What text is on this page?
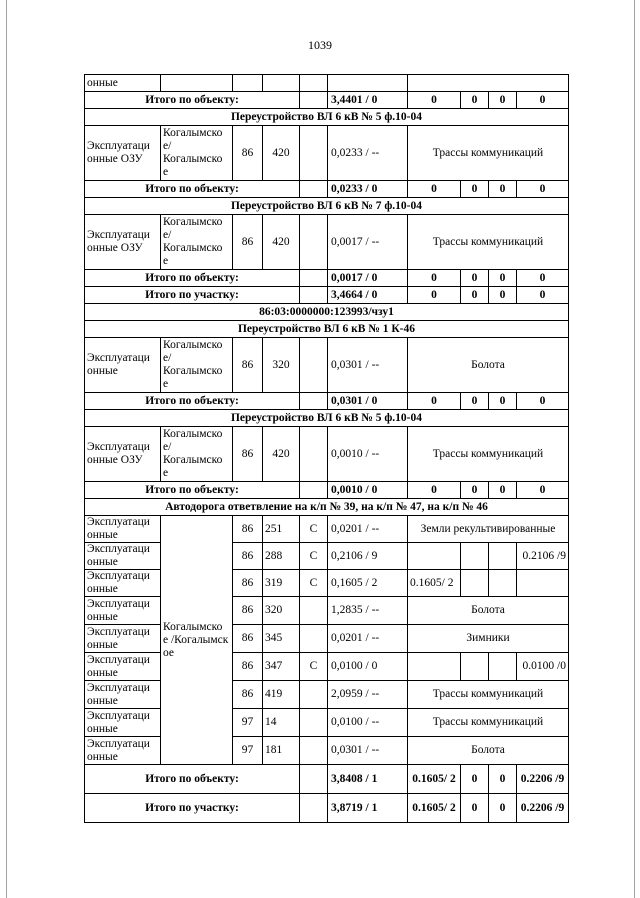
1039
онные									
Итого по объекту:					3,4401 / 0	0	0	0	0
Переустройство ВЛ 6 кВ № 5 ф.10-04									
Эксплуатаци онные ОЗУ	Когалымско е/ Когалымско е	86	420		0,0233 / --	Трассы коммуникаций			
Итого по объекту:					0,0233 / 0	0	0	0	0
Переустройство ВЛ 6 кВ № 7 ф.10-04									
Эксплуатаци онные ОЗУ	Когалымско е/ Когалымско е	86	420		0,0017 / --	Трассы коммуникаций			
Итого по объекту:					0,0017 / 0	0	0	0	0
Итого по участку:					3,4664 / 0	0	0	0	0
86:03:0000000:123993/чзу1									
Переустройство ВЛ 6 кВ № 1 К-46									
Эксплуатаци онные	Когалымско е/ Когалымско е	86	320		0,0301 / --	Болота			
Итого по объекту:					0,0301 / 0	0	0	0	0
Переустройство ВЛ 6 кВ № 5 ф.10-04									
Эксплуатаци онные ОЗУ	Когалымско е/ Когалымско е	86	420		0,0010 / --	Трассы коммуникаций			
Итого по объекту:					0,0010 / 0	0	0	0	0
Автодорога ответвление на к/п № 39, на к/п № 47, на к/п № 46									
Эксплуатаци онные	Когалымско е /Когалымск ое	86	251	С	0,0201 / --	Земли рекультивированные			
Эксплуатаци онные		86	288	С	0,2106 / 9				0.2106 /9
Эксплуатаци онные		86	319	С	0,1605 / 2	0.1605/ 2			
Эксплуатаци онные		86	320		1,2835 / --	Болота			
Эксплуатаци онные		86	345		0,0201 / --	Зимники			
Эксплуатаци онные		86	347	С	0,0100 / 0				0.0100 /0
Эксплуатаци онные		86	419		2,0959 / --	Трассы коммуникаций			
Эксплуатаци онные		97	14		0,0100 / --	Трассы коммуникаций			
Эксплуатаци онные		97	181		0,0301 / --	Болота			
Итого по объекту:					3,8408 / 1	0.1605/ 2	0	0	0.2206 /9
Итого по участку:					3,8719 / 1	0.1605/ 2	0	0	0.2206 /9
